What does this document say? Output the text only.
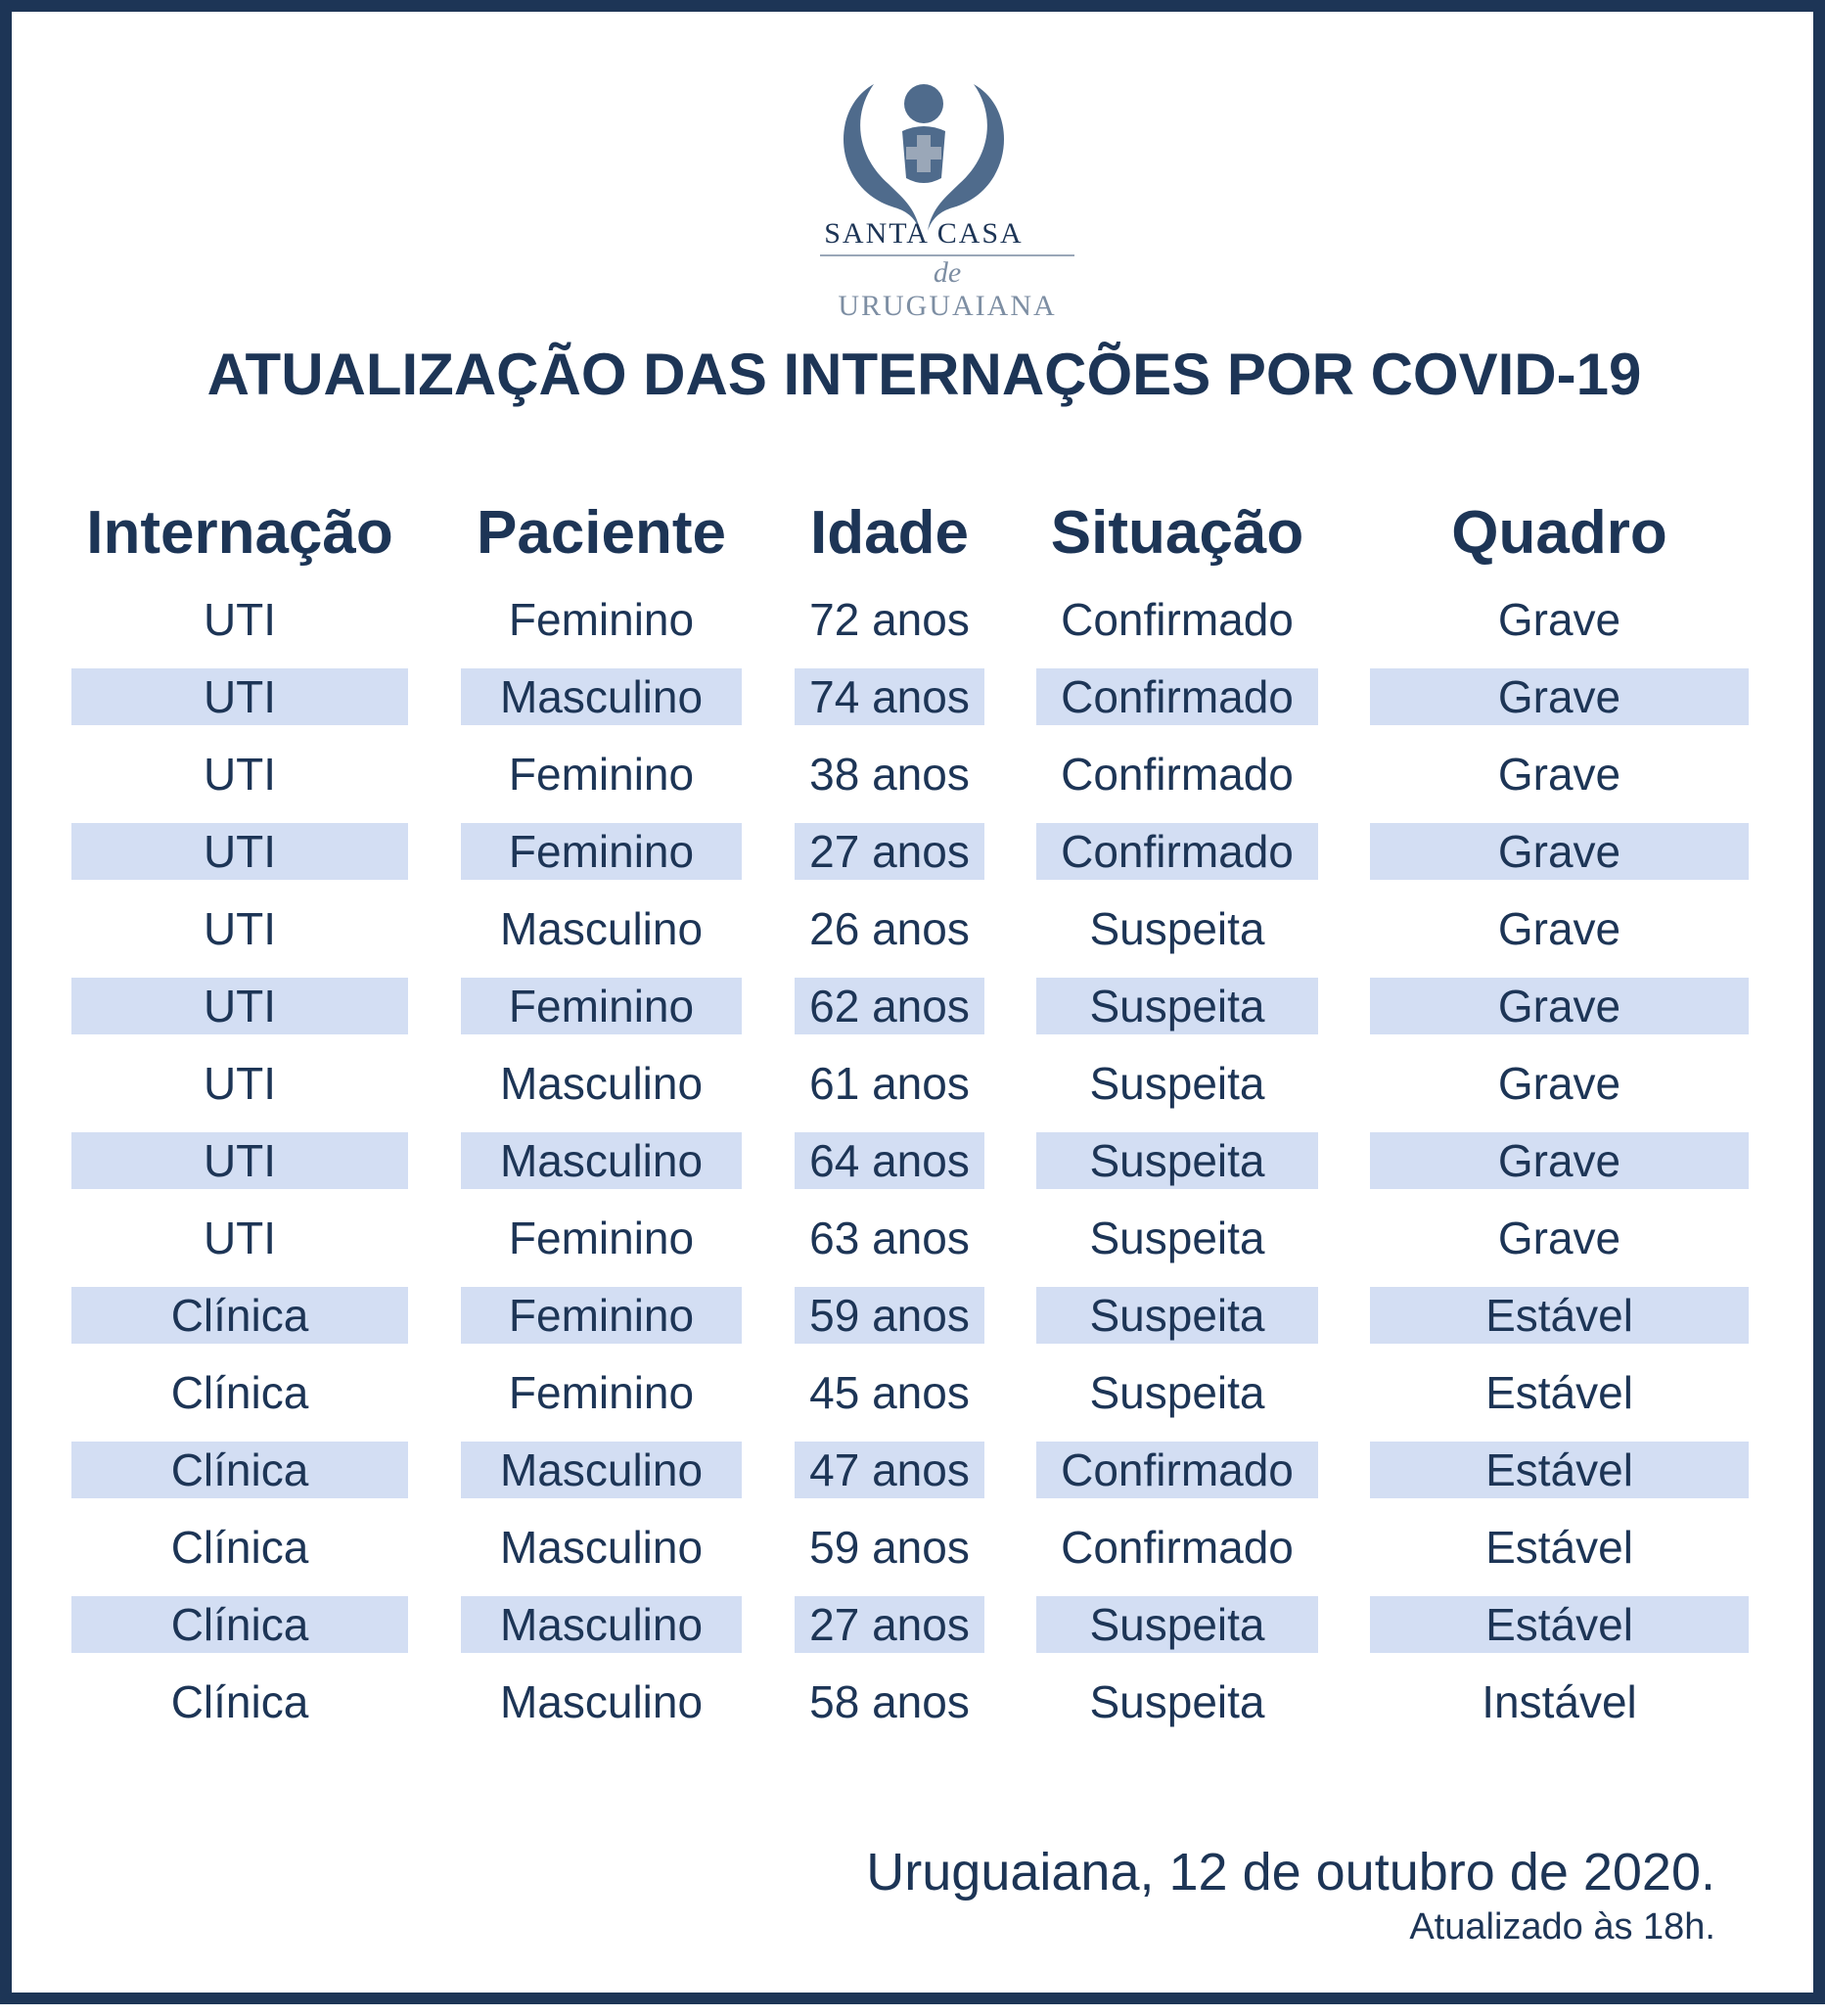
SANTA CASA
de URUGUAIANA
ATUALIZAÇÃO DAS INTERNAÇÕES POR COVID-19
Internação Paciente Idade Situação	Quadro
UTI	Feminino	72 anos	Confirmado	Grave
UTI	Masculino	74 anos	Confirmado	Grave
UTI	Feminino	38 anos	Confirmado	Grave
UTI	Feminino	27 anos	Confirmado	Grave
UTI	Masculino	26 anos	Suspeita	Grave
UTI	Feminino	62 anos	Suspeita	Grave
UTI	Masculino	61 anos	Suspeita	Grave
UTI	Masculino	64 anos	Suspeita	Grave
UTI	Feminino	63 anos	Suspeita	Grave
Clínica	Feminino	59 anos	Suspeita	Estável
Clínica	Feminino	45 anos	Suspeita	Estável
Clínica	Masculino	47 anos	Confirmado	Estável
Clínica	Masculino	59 anos	Confirmado	Estável
Clínica	Masculino	27 anos	Suspeita	Estável
Clínica	Masculino	58 anos	Suspeita	Instável
Uruguaiana, 12 de outubro de 2020.
Atualizado às 18h.
